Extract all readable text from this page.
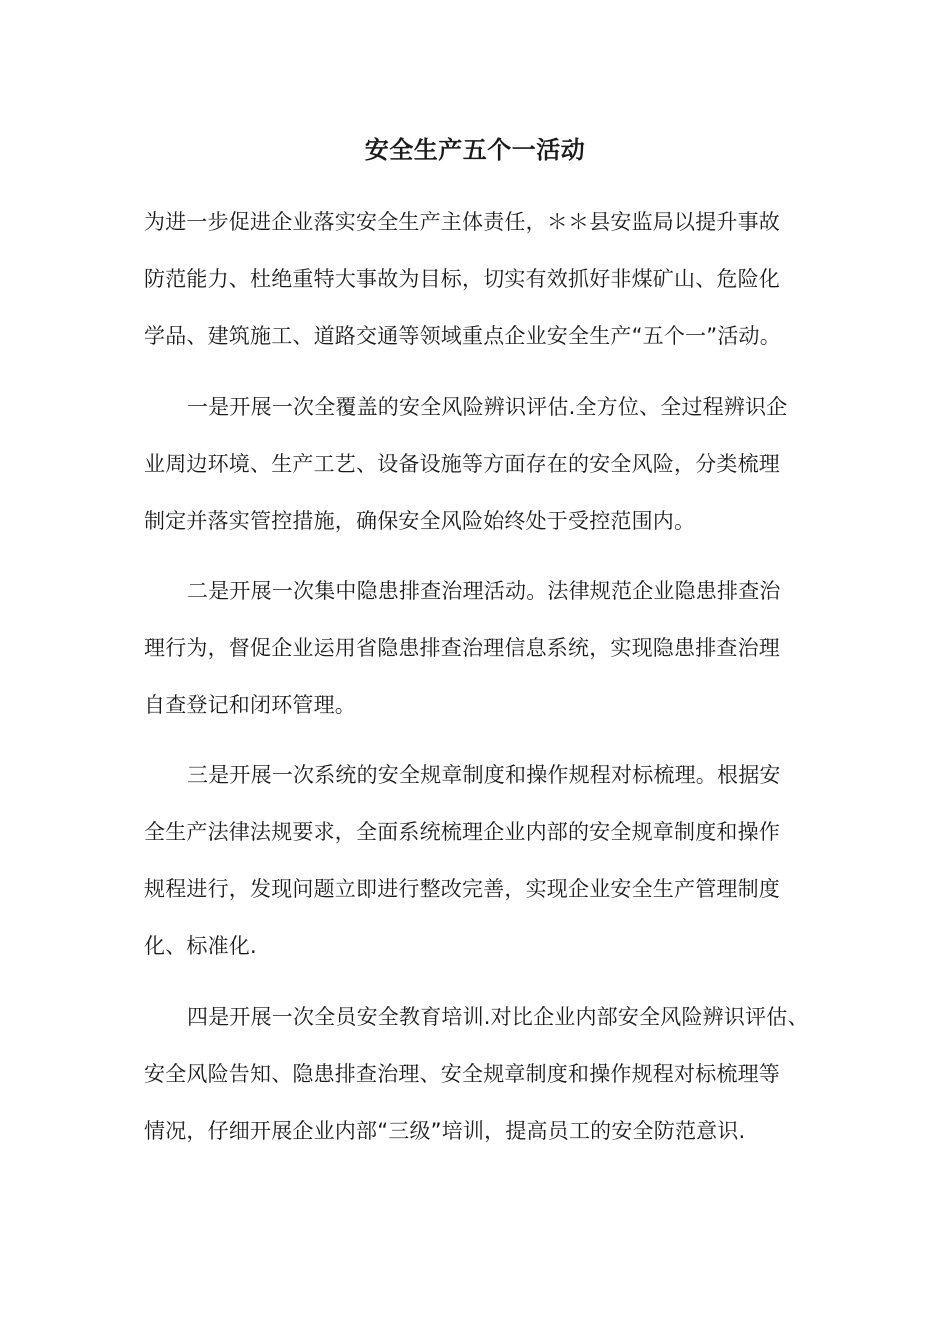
安全生产五个一活动
为进一步促进企业落实安全生产主体责任，＊＊县安监局以提升事故
防范能力、杜绝重特大事故为目标，切实有效抓好非煤矿山、危险化
学品、建筑施工、道路交通等领域重点企业安全生产“五个一”活动。
一是开展一次全覆盖的安全风险辨识评估.全方位、全过程辨识企
业周边环境、生产工艺、设备设施等方面存在的安全风险，分类梳理
制定并落实管控措施，确保安全风险始终处于受控范围内。
二是开展一次集中隐患排查治理活动。法律规范企业隐患排查治
理行为，督促企业运用省隐患排查治理信息系统，实现隐患排查治理
自查登记和闭环管理。
三是开展一次系统的安全规章制度和操作规程对标梳理。根据安
全生产法律法规要求，全面系统梳理企业内部的安全规章制度和操作
规程进行，发现问题立即进行整改完善，实现企业安全生产管理制度
化、标准化.
四是开展一次全员安全教育培训.对比企业内部安全风险辨识评估、
安全风险告知、隐患排查治理、安全规章制度和操作规程对标梳理等
情况，仔细开展企业内部“三级”培训，提高员工的安全防范意识.
